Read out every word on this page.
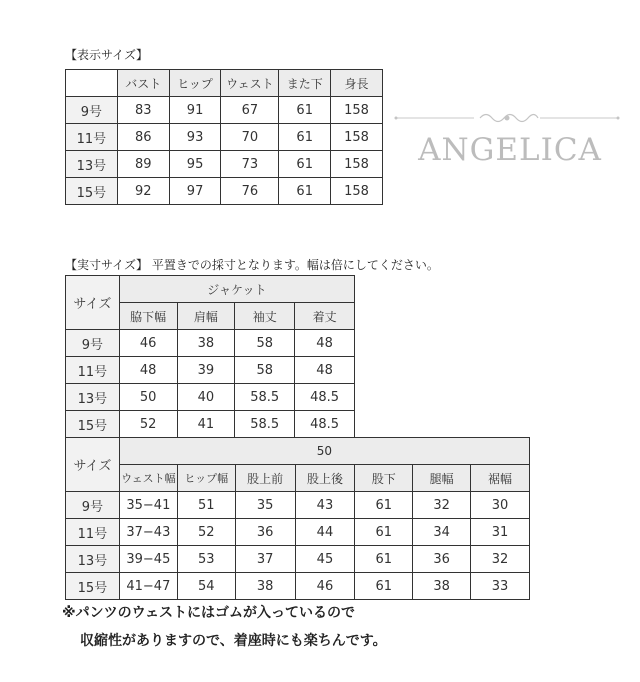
【表示サイズ】
	バスト	ヒップ	ウェスト	また下	身長
9号	83	91	67	61	158
11号	86	93	70	61	158
13号	89	95	73	61	158
15号	92	97	76	61	158
ANGELICA
【実寸サイズ】 平置きでの採寸となります。幅は倍にしてください。
サイズ	ジャケット			
	脇下幅	肩幅	袖丈	着丈
9号	46	38	58	48
11号	48	39	58	48
13号	50	40	58.5	48.5
15号	52	41	58.5	48.5
サイズ	50						
	ウェスト幅	ヒップ幅	股上前	股上後	股下	腿幅	裾幅
9号	35−41	51	35	43	61	32	30
11号	37−43	52	36	44	61	34	31
13号	39−45	53	37	45	61	36	32
15号	41−47	54	38	46	61	38	33
※パンツのウェストにはゴムが入っているので
収縮性がありますので、着座時にも楽ちんです。
